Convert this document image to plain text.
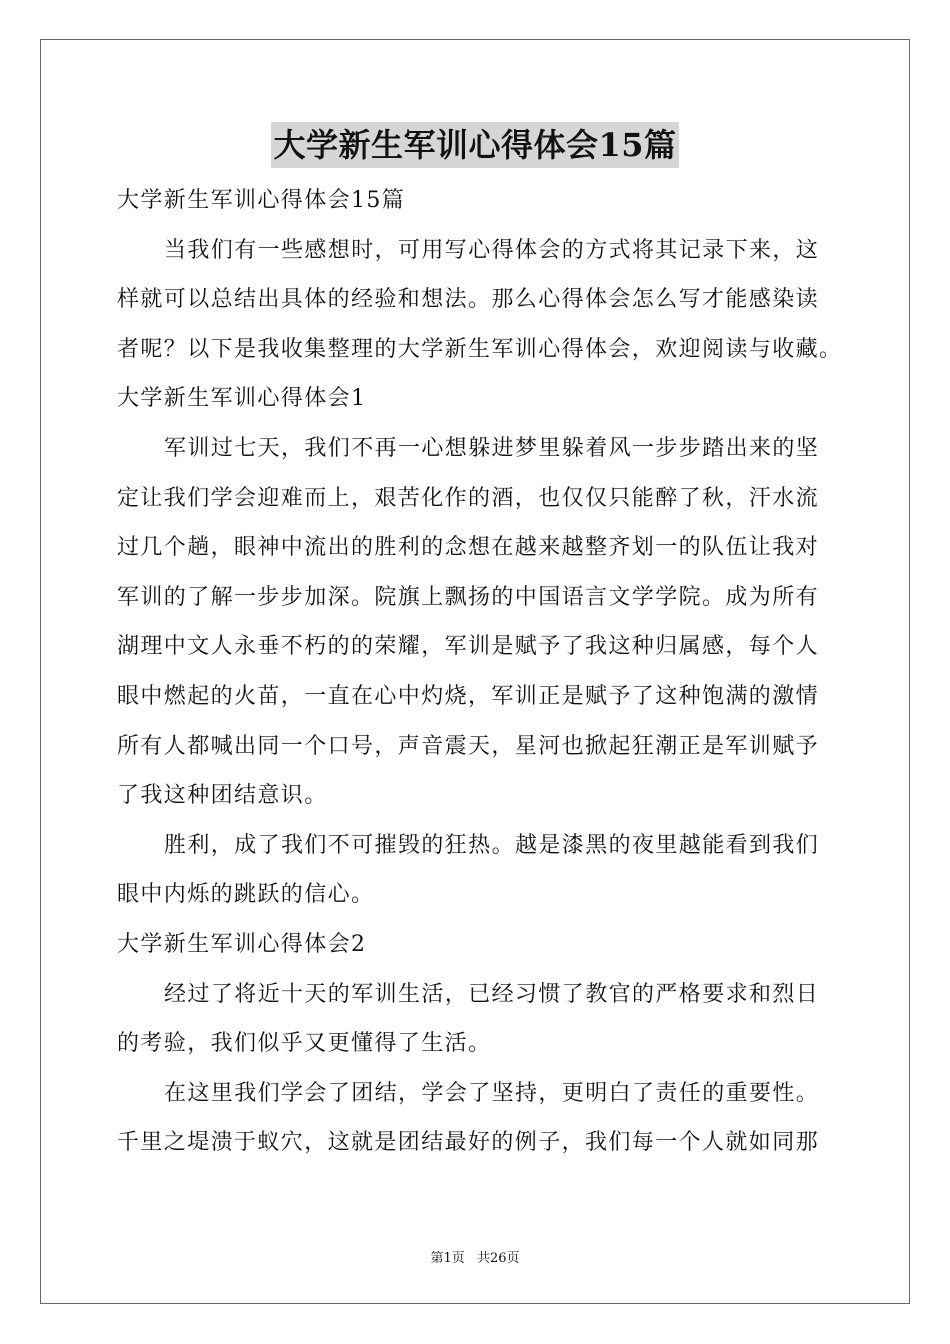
大学新生军训心得体会15篇

大学新生军训心得体会15篇

当我们有一些感想时，可用写心得体会的方式将其记录下来，这

样就可以总结出具体的经验和想法。那么心得体会怎么写才能感染读

者呢？以下是我收集整理的大学新生军训心得体会，欢迎阅读与收藏。

大学新生军训心得体会1

军训过七天，我们不再一心想躲进梦里躲着风一步步踏出来的坚

定让我们学会迎难而上，艰苦化作的酒，也仅仅只能醉了秋，汗水流

过几个趟，眼神中流出的胜利的念想在越来越整齐划一的队伍让我对

军训的了解一步步加深。院旗上飘扬的中国语言文学学院。成为所有

湖理中文人永垂不朽的的荣耀，军训是赋予了我这种归属感，每个人

眼中燃起的火苗，一直在心中灼烧，军训正是赋予了这种饱满的激情

所有人都喊出同一个口号，声音震天，星河也掀起狂潮正是军训赋予

了我这种团结意识。

胜利，成了我们不可摧毁的狂热。越是漆黑的夜里越能看到我们

眼中内烁的跳跃的信心。

大学新生军训心得体会2

经过了将近十天的军训生活，已经习惯了教官的严格要求和烈日

的考验，我们似乎又更懂得了生活。

在这里我们学会了团结，学会了坚持，更明白了责任的重要性。

千里之堤溃于蚁穴，这就是团结最好的例子，我们每一个人就如同那

第1页 共26页
